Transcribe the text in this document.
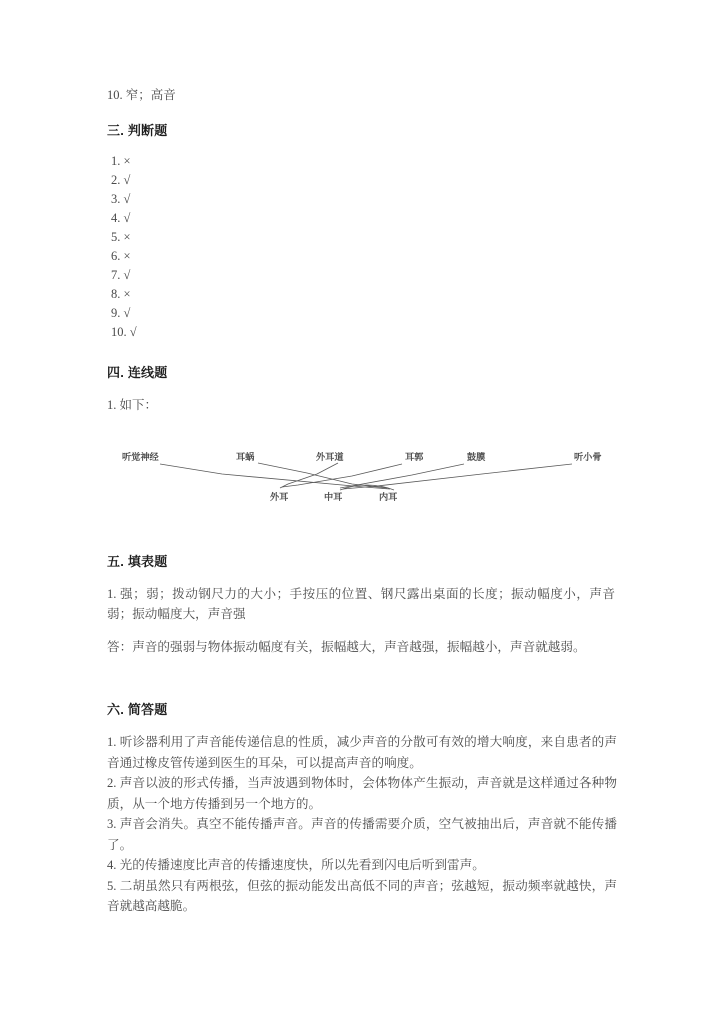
10. 窄；高音
三. 判断题
1. ×
2. √
3. √
4. √
5. ×
6. ×
7. √
8. ×
9. √
10. √
四. 连线题
1. 如下：
听觉神经	耳蜗	外耳道	耳郭	鼓膜	听小骨
外耳	中耳	内耳
五. 填表题
1. 强；弱；拨动钢尺力的大小；手按压的位置、钢尺露出桌面的长度；振动幅度小，声音弱；振动幅度大，声音强
答：声音的强弱与物体振动幅度有关，振幅越大，声音越强，振幅越小，声音就越弱。
六. 简答题

1. 听诊器利用了声音能传递信息的性质，减少声音的分散可有效的增大响度，来自患者的声音通过橡皮管传递到医生的耳朵，可以提高声音的响度。

2. 声音以波的形式传播，当声波遇到物体时，会体物体产生振动，声音就是这样通过各种物质，从一个地方传播到另一个地方的。

3. 声音会消失。真空不能传播声音。声音的传播需要介质，空气被抽出后，声音就不能传播了。

4. 光的传播速度比声音的传播速度快，所以先看到闪电后听到雷声。

5. 二胡虽然只有两根弦，但弦的振动能发出高低不同的声音；弦越短，振动频率就越快，声音就越高越脆。
